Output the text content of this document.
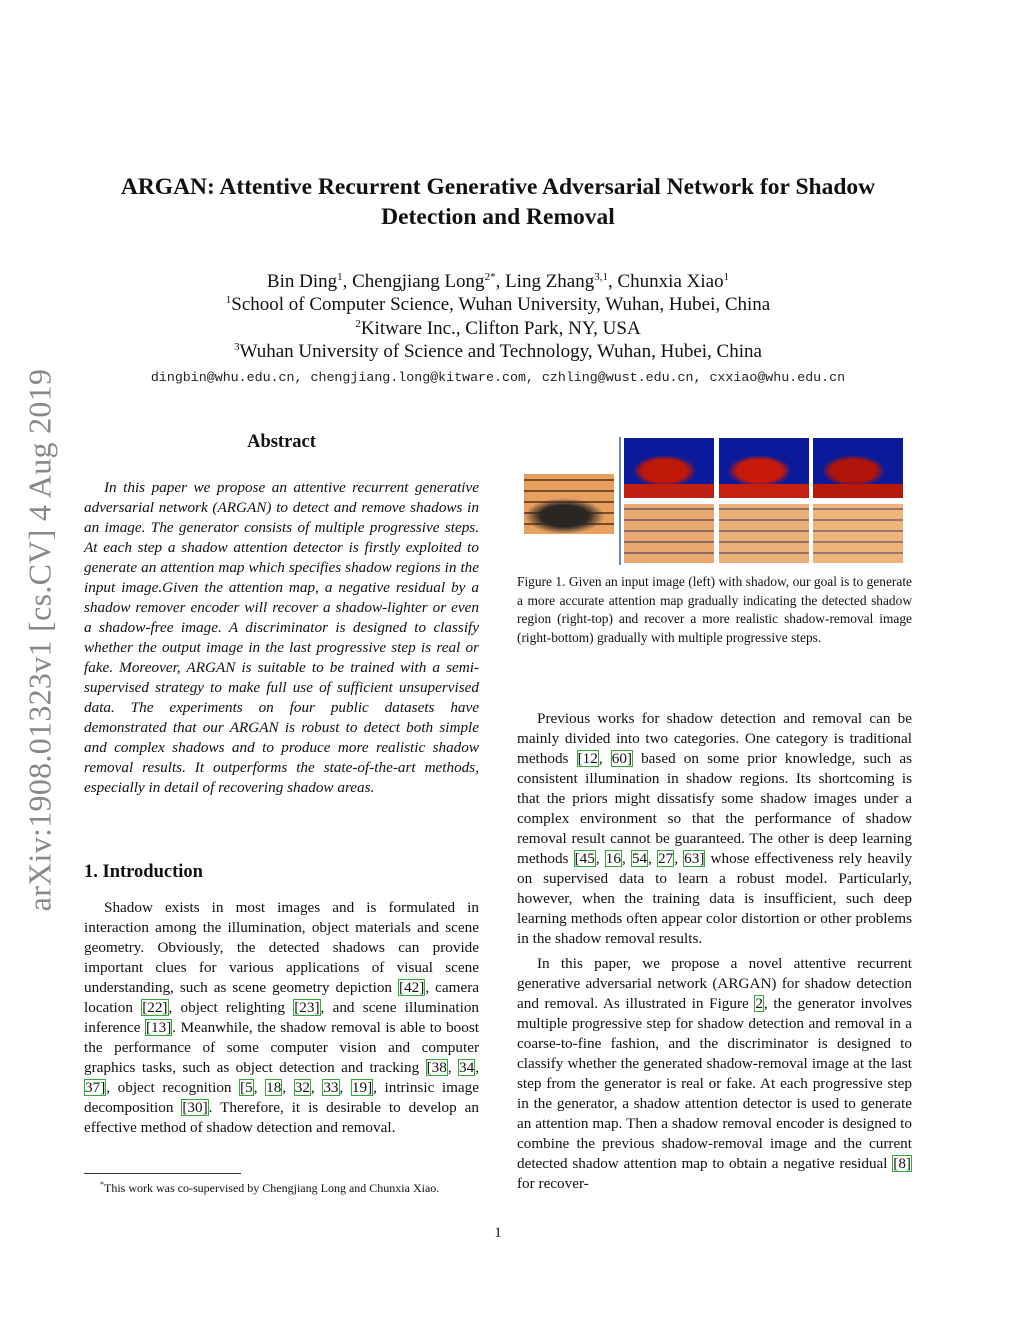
arXiv:1908.01323v1 [cs.CV] 4 Aug 2019
ARGAN: Attentive Recurrent Generative Adversarial Network for Shadow Detection and Removal
Bin Ding$^1$, Chengjiang Long$^{2*}$, Ling Zhang$^{3,1}$, Chunxia Xiao$^1$
$^1$School of Computer Science, Wuhan University, Wuhan, Hubei, China
$^2$Kitware Inc., Clifton Park, NY, USA
$^3$Wuhan University of Science and Technology, Wuhan, Hubei, China
dingbin@whu.edu.cn, chengjiang.long@kitware.com, czhling@wust.edu.cn, cxxiao@whu.edu.cn
Abstract
In this paper we propose an attentive recurrent generative adversarial network (ARGAN) to detect and remove shadows in an image. The generator consists of multiple progressive steps. At each step a shadow attention detector is firstly exploited to generate an attention map which specifies shadow regions in the input image.Given the attention map, a negative residual by a shadow remover encoder will recover a shadow-lighter or even a shadow-free image. A discriminator is designed to classify whether the output image in the last progressive step is real or fake. Moreover, ARGAN is suitable to be trained with a semi-supervised strategy to make full use of sufficient unsupervised data. The experiments on four public datasets have demonstrated that our ARGAN is robust to detect both simple and complex shadows and to produce more realistic shadow removal results. It outperforms the state-of-the-art methods, especially in detail of recovering shadow areas.
1. Introduction

Shadow exists in most images and is formulated in interaction among the illumination, object materials and scene geometry. Obviously, the detected shadows can provide important clues for various applications of visual scene understanding, such as scene geometry depiction [42], camera location [22], object relighting [23], and scene illumination inference [13]. Meanwhile, the shadow removal is able to boost the performance of some computer vision and computer graphics tasks, such as object detection and tracking [38, 34, 37], object recognition [5, 18, 32, 33, 19], intrinsic image decomposition [30]. Therefore, it is desirable to develop an effective method of shadow detection and removal.

Figure 1. Given an input image (left) with shadow, our goal is to generate a more accurate attention map gradually indicating the detected shadow region (right-top) and recover a more realistic shadow-removal image (right-bottom) gradually with multiple progressive steps.

Previous works for shadow detection and removal can be mainly divided into two categories. One category is traditional methods [12, 60] based on some prior knowledge, such as consistent illumination in shadow regions. Its shortcoming is that the priors might dissatisfy some shadow images under a complex environment so that the performance of shadow removal result cannot be guaranteed. The other is deep learning methods [45, 16, 54, 27, 63] whose effectiveness rely heavily on supervised data to learn a robust model. Particularly, however, when the training data is insufficient, such deep learning methods often appear color distortion or other problems in the shadow removal results.

In this paper, we propose a novel attentive recurrent generative adversarial network (ARGAN) for shadow detection and removal. As illustrated in Figure 2, the generator involves multiple progressive step for shadow detection and removal in a coarse-to-fine fashion, and the discriminator is designed to classify whether the generated shadow-removal image at the last step from the generator is real or fake. At each progressive step in the generator, a shadow attention detector is used to generate an attention map. Then a shadow removal encoder is designed to combine the previous shadow-removal image and the current detected shadow attention map to obtain a negative residual [8] for recover-

*This work was co-supervised by Chengjiang Long and Chunxia Xiao.
1
